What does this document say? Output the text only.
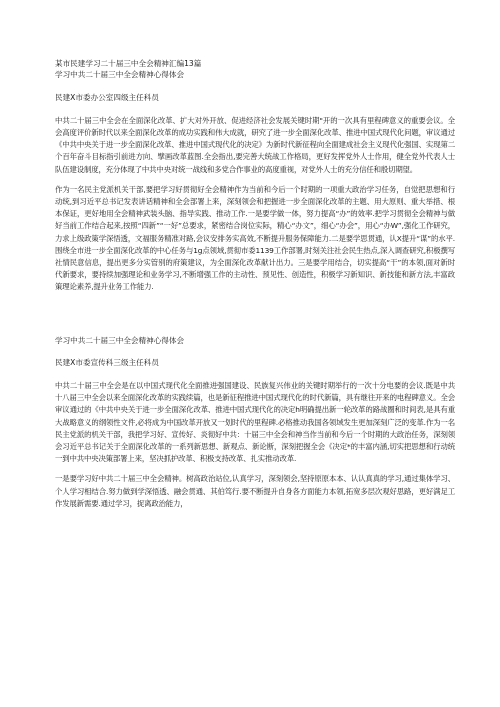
某市民建学习二十届三中全会精神汇编13篇

学习中共二十届三中全会精神心得体会

民建X市委办公室四级主任科员

中共二十届三中全会在全面深化改革、扩大对外开放、促进经济社会发展关键时期"开的一次具有里程碑意义的重要会议。全会高度评价新时代以来全面深化改革的成功实践和伟大成就，研究了进一步全面深化改革、推进中国式现代化问题，审议通过《中共中央关于进一步全面深化改革、推进中国式现代化的决定》为新时代新征程向全面建成社会主义现代化强国、实现第二个百年奋斗目标指引前进方向、擘画改革蓝图.全会指出,要完善大统战工作格局，更好发挥党外人士作用，健全党外代表人士队伍建设制度，充分体现了中共中央对统一战线和多党合作事业的高度重视，对党外人士的充分信任和殷切期望。

作为一名民主党派机关干部,要把学习好贯彻好全会精神作为当前和今后一个时期的一项重大政治学习任务，自觉把思想和行动统,到习近平总书记发表讲话精神和全会部署上来，深刻领会和把握进一步全面深化改革的主题、用大原则、重大举措、根本保证，更好地用全会精神武装头脑、指导实践、推动工作.一是要学做一体，努力提高“办”的效率.把学习贯彻全会精神与做好当前工作结合起来,按照“四新”“一好”总要求，紧密结合岗位实际，精心“办文”，细心“办会”，用心“办W”,强化工作研究，力求上级政策学深悟透，文福服务精准对路,会议安排务实高效,不断提升服务保障能力.二是要学思贯通，认X提升“谋”的水平.围绕全市进一步全面深化改革的中心任务与1g点领域,贯彻市委1139工作部署,时刻关注社会民生热点,深入调查研究,积极撰写社情民意信息，提出更多分实管别的府策建议，为全面深化改革献计出力。三是要学用结合，切实提高“干”的本领,面对新时代新要求，要持续加强理论和业务学习,不断增强工作的主动性、预见性、创造性，积极学习新知识、新技能和新方法,丰富政策理论素养,提升业务工作能力.

学习中共二十届三中全会精神心得体会

民建X市委宣传科三级主任科员

中共二十届三中全会是在以中国式现代化全面推进强国建设、民族复兴伟业的关键时期举行的一次十分电要的会议.既是中共十八届三中全会以来全面深化改革的实践续篇，也是新征程推进中国式现代化的时代新篇，具有继往开来的电程碑意义。全会审议通过的《中共中央关于进一步全面深化改革、推进中国式现代化的决定h明确提出新一轮改革的路战圈和时间表,是具有重大战略意义的纲领性文件,必将成为中国改革开放又一划时代的里程碑.必格推动我国各领域发生更加深刻广泛的变革.作为一名民主党派的机关干部，我把学习好、宣传好、炎彻好中共：十届三中全会和神当作当前和今后一个时期的大政治任务，深刻领会习近平总书记关于全面深化改革的一系列新思想、新观点、新论断，深刻把握全会《决定*的丰富内涵,切实把思想和行动统一到中共中央决策部署上来，坚决抓护改革、积极支持改革、扎实推动改革.

一是要学习好中共二十届三中全会精神。树高政治站位,认真学习，深刻领会,坚持原原本本、认认真真的学习,通过集体学习、个人学习相结合.努力做到学深悟透、融会贯通、其伯笃行.要不断提升自身各方面能力本领,拓宽多层次观好思路，更好满足工作发展新需要.通过学习，捉离政治能力，
